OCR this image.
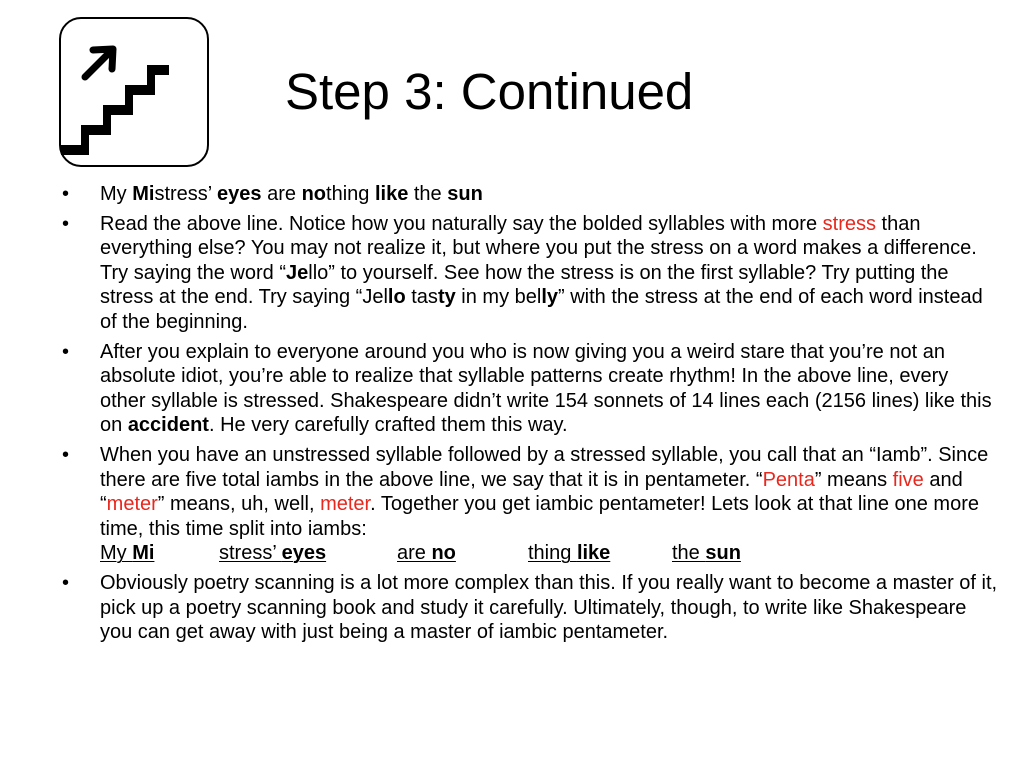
Step 3: Continued
• My Mistress’ eyes are nothing like the sun
• Read the above line. Notice how you naturally say the bolded syllables with more stress than everything else? You may not realize it, but where you put the stress on a word makes a difference. Try saying the word “Jello” to yourself. See how the stress is on the first syllable? Try putting the stress at the end. Try saying “Jello tasty in my belly” with the stress at the end of each word instead of the beginning.
• After you explain to everyone around you who is now giving you a weird stare that you’re not an absolute idiot, you’re able to realize that syllable patterns create rhythm! In the above line, every other syllable is stressed. Shakespeare didn’t write 154 sonnets of 14 lines each (2156 lines) like this on accident. He very carefully crafted them this way.
• When you have an unstressed syllable followed by a stressed syllable, you call that an “Iamb”. Since there are five total iambs in the above line, we say that it is in pentameter. “Penta” means five and “meter” means, uh, well, meter. Together you get iambic pentameter! Lets look at that line one more time, this time split into iambs:
My Mi	stress’ eyes	are no	thing like	the sun
• Obviously poetry scanning is a lot more complex than this. If you really want to become a master of it, pick up a poetry scanning book and study it carefully. Ultimately, though, to write like Shakespeare you can get away with just being a master of iambic pentameter.
